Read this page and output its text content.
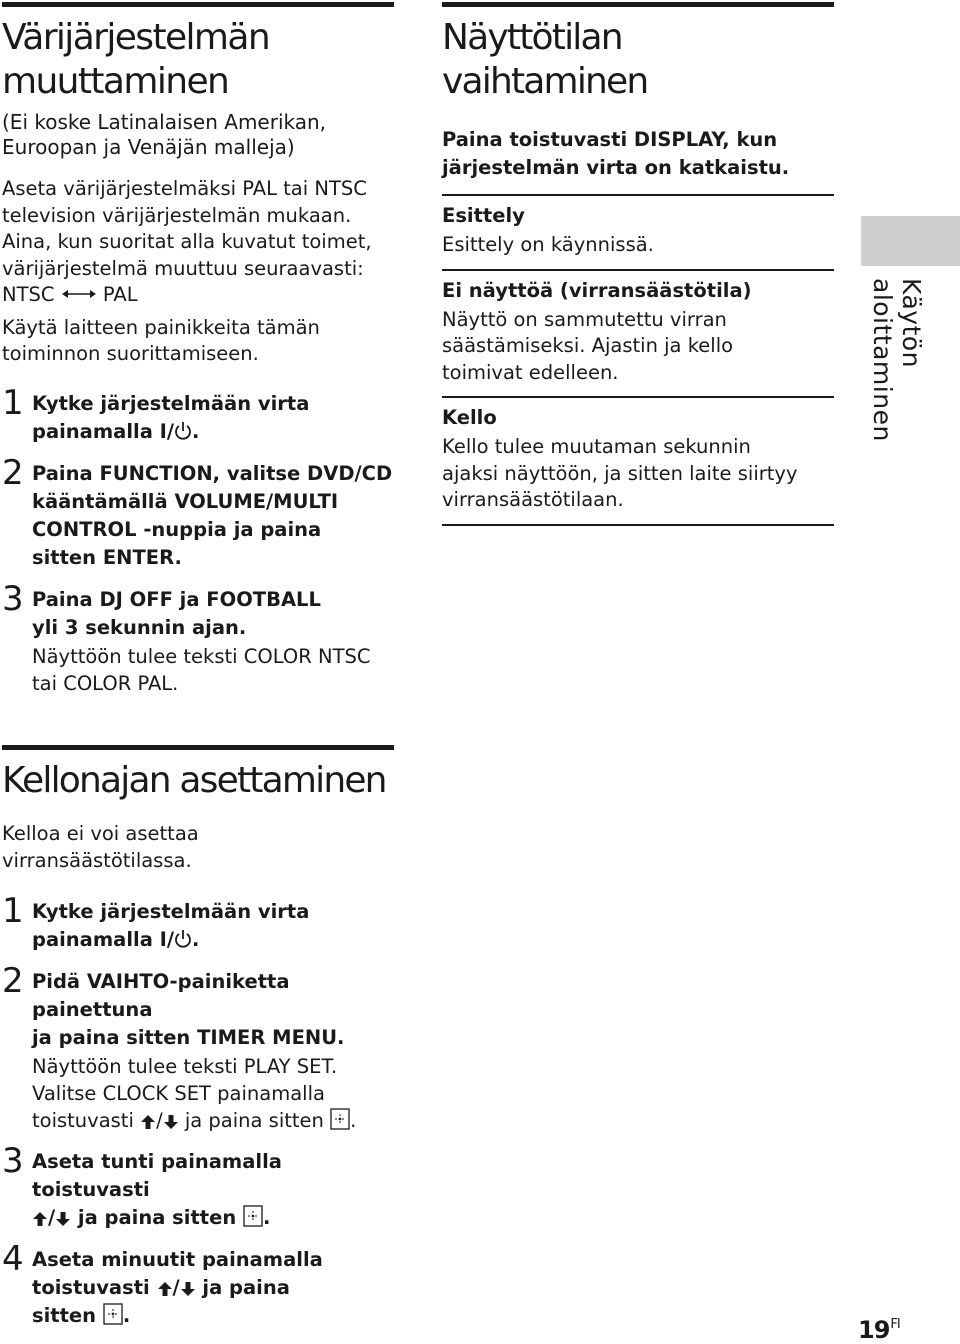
Värijärjestelmän
muuttaminen
(Ei koske Latinalaisen Amerikan,
Euroopan ja Venäjän malleja)
Aseta värijärjestelmäksi PAL tai NTSC
television värijärjestelmän mukaan.
Aina, kun suoritat alla kuvatut toimet,
värijärjestelmä muuttuu seuraavasti:
NTSC PAL
Käytä laitteen painikkeita tämän
toiminnon suorittamiseen.
1 Kytke järjestelmään virta
painamalla I/ .
2 Paina FUNCTION, valitse DVD/CD
kääntämällä VOLUME/MULTI
CONTROL -nuppia ja paina
sitten ENTER.
3 Paina DJ OFF ja FOOTBALL
yli 3 sekunnin ajan.
Näyttöön tulee teksti COLOR NTSC
tai COLOR PAL.
Kellonajan asettaminen
Kelloa ei voi asettaa
virransäästötilassa.
1 Kytke järjestelmään virta
painamalla I/ .
2 Pidä VAIHTO-painiketta painettuna
ja paina sitten TIMER MENU.
Näyttöön tulee teksti PLAY SET.
Valitse CLOCK SET painamalla
toistuvasti / ja paina sitten .
3 Aseta tunti painamalla toistuvasti
/ ja paina sitten .
4 Aseta minuutit painamalla
toistuvasti / ja paina
sitten .
Näyttötilan vaihtaminen
Paina toistuvasti DISPLAY, kun
järjestelmän virta on katkaistu.
Esittely
Esittely on käynnissä.
Ei näyttöä (virransäästötila)
Näyttö on sammutettu virran
säästämiseksi. Ajastin ja kello
toimivat edelleen.
Kello
Kello tulee muutaman sekunnin
ajaksi näyttöön, ja sitten laite siirtyy
virransäästötilaan.
Käytön aloittaminen
$19^{FI}$
